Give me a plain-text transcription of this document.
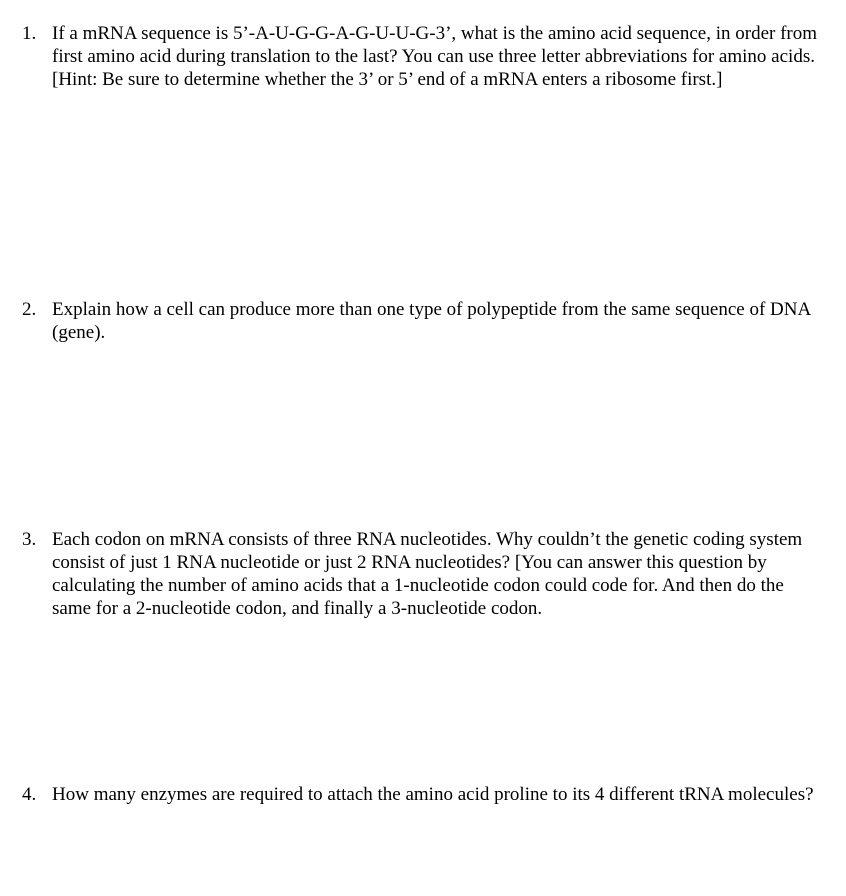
1. If a mRNA sequence is 5’-A-U-G-G-A-G-U-U-G-3’, what is the amino acid sequence, in order from first amino acid during translation to the last? You can use three letter abbreviations for amino acids. [Hint: Be sure to determine whether the 3’ or 5’ end of a mRNA enters a ribosome first.]
2. Explain how a cell can produce more than one type of polypeptide from the same sequence of DNA (gene).
3. Each codon on mRNA consists of three RNA nucleotides. Why couldn’t the genetic coding system consist of just 1 RNA nucleotide or just 2 RNA nucleotides? [You can answer this question by calculating the number of amino acids that a 1-nucleotide codon could code for. And then do the same for a 2-nucleotide codon, and finally a 3-nucleotide codon.
4. How many enzymes are required to attach the amino acid proline to its 4 different tRNA molecules?
